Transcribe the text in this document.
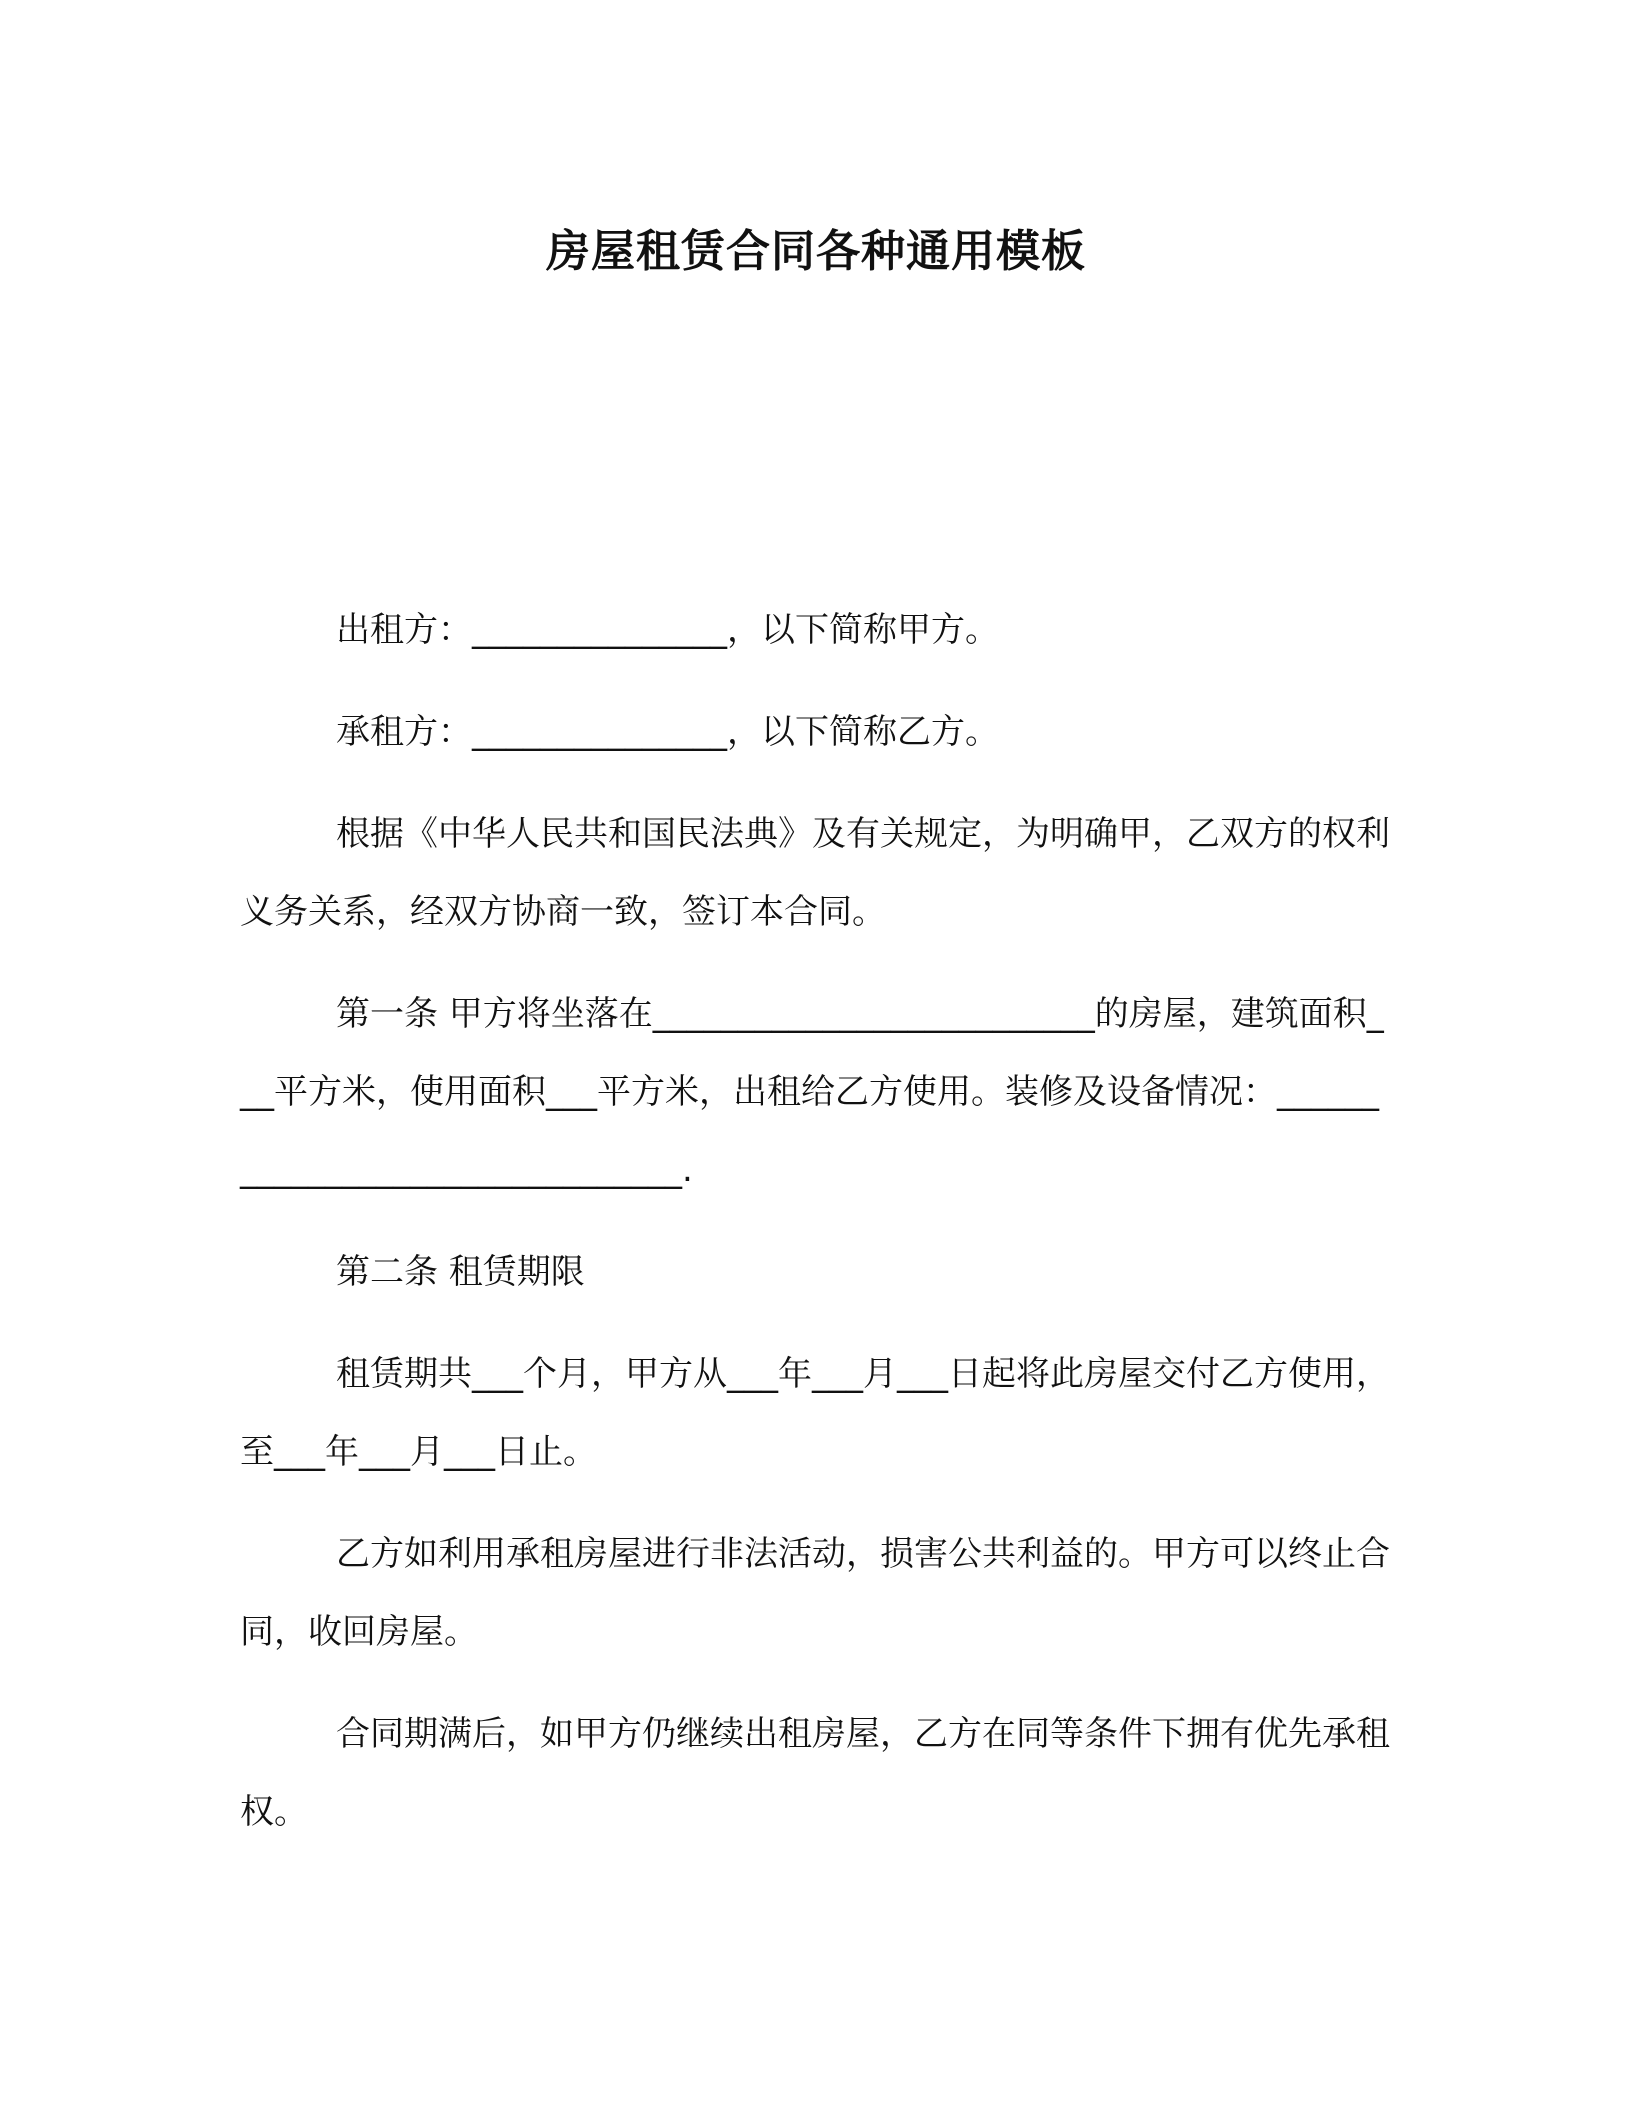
房屋租赁合同各种通用模板

出租方：_______________，以下简称甲方。

承租方：_______________，以下简称乙方。

根据《中华人民共和国民法典》及有关规定，为明确甲，乙双方的权利义务关系，经双方协商一致，签订本合同。

第一条 甲方将坐落在__________________________的房屋，建筑面积___平方米，使用面积___平方米，出租给乙方使用。装修及设备情况：________________________________.

第二条 租赁期限

租赁期共___个月，甲方从___年___月___日起将此房屋交付乙方使用，至___年___月___日止。

乙方如利用承租房屋进行非法活动，损害公共利益的。甲方可以终止合同，收回房屋。

合同期满后，如甲方仍继续出租房屋，乙方在同等条件下拥有优先承租权。
